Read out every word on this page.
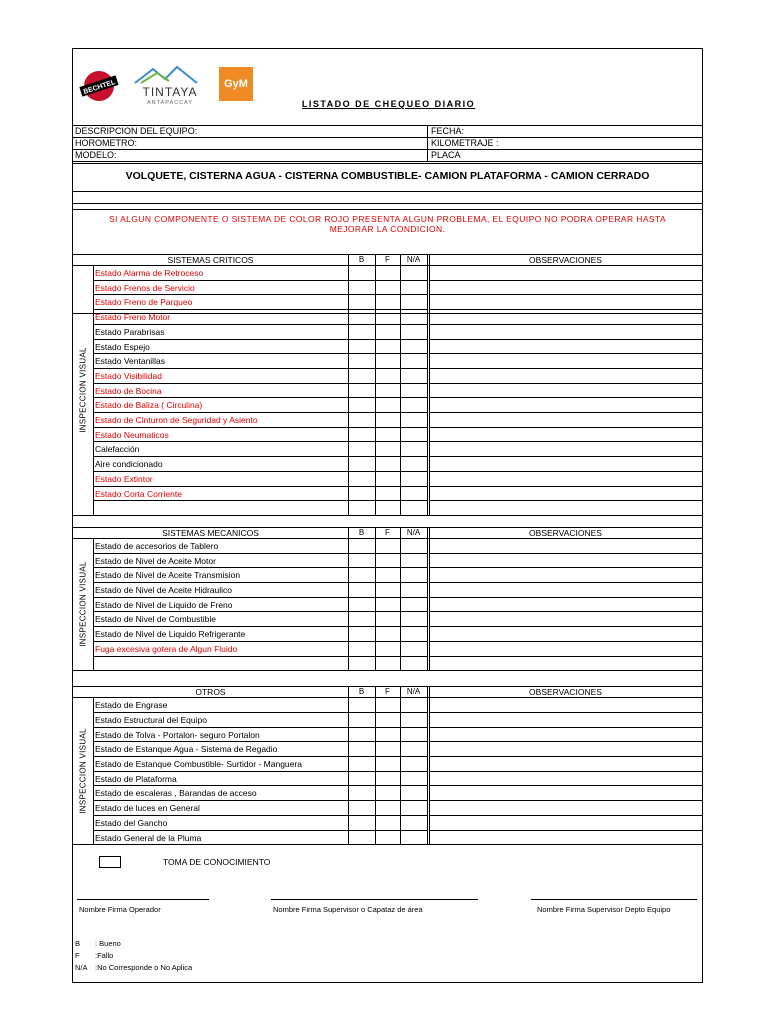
BECHTEL TINTAYA
ANTAPACCAY
GyM
LISTADO DE CHEQUEO DIARIO
DESCRIPCION DEL EQUIPO:	FECHA:
HOROMETRO:	KILOMETRAJE :
MODELO:	PLACA
VOLQUETE, CISTERNA AGUA - CISTERNA COMBUSTIBLE- CAMION PLATAFORMA - CAMION CERRADO
SI ALGUN COMPONENTE O SISTEMA DE COLOR ROJO PRESENTA ALGUN PROBLEMA, EL EQUIPO NO PODRA OPERAR HASTA
MEJORAR LA CONDICION.
SISTEMAS CRITICOS	B	F	N/A	OBSERVACIONES
Estado Alarma de Retroceso
Estado Frenos de Servicio
Estado Freno de Parqueo
Estado Freno Motor
Estado Parabrisas
Estado Espejo
Estado Ventanillas
Estado Visibilidad
Estado de Bocina
Estado de Baliza ( Circulina)
Estado de Cinturon de Seguridad y Asiento
Estado Neumaticos
Calefacción
Aire condicionado
Estado Extintor
Estado Corta Corriente
INSPECCION VISUAL
SISTEMAS MECANICOS	B	F	N/A	OBSERVACIONES
Estado de accesorios de Tablero
Estado de Nivel de Aceite Motor
Estado de Nivel de Aceite Transmision
Estado de Nivel de Aceite Hidraulico
Estado de Nivel de Liquido de Freno
Estado de Nivel de Combustible
Estado de Nivel de Liquido Refrigerante
Fuga excesiva gotera de Algun Fluido
INSPECCION VISUAL
OTROS	B	F	N/A	OBSERVACIONES
Estado de Engrase
Estado Estructural del Equipo
Estado de Tolva - Portalon- seguro Portalon
Estado de Estanque Agua - Sistema de Regadio
Estado de Estanque Combustible- Surtidor - Manguera
Estado de Plataforma
Estado de escaleras , Barandas de acceso
Estado de luces en General
Estado del Gancho
Estado General de la Pluma
INSPECCION VISUAL
TOMA DE CONOCIMIENTO
Nombre Firma Operador	Nombre Firma Supervisor o Capataz de área	Nombre Firma Supervisor Depto Equipo
B : Bueno
F :Fallo
N/A :No Corresponde o No Aplica
